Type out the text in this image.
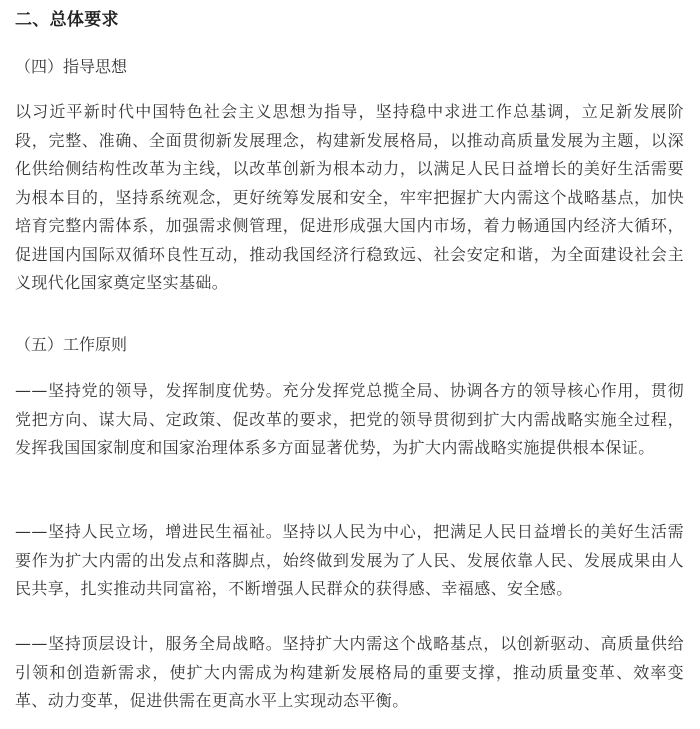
二、总体要求

（四）指导思想

以习近平新时代中国特色社会主义思想为指导，坚持稳中求进工作总基调，立足新发展阶段，完整、准确、全面贯彻新发展理念，构建新发展格局，以推动高质量发展为主题，以深化供给侧结构性改革为主线，以改革创新为根本动力，以满足人民日益增长的美好生活需要为根本目的，坚持系统观念，更好统筹发展和安全，牢牢把握扩大内需这个战略基点，加快培育完整内需体系，加强需求侧管理，促进形成强大国内市场，着力畅通国内经济大循环，促进国内国际双循环良性互动，推动我国经济行稳致远、社会安定和谐，为全面建设社会主义现代化国家奠定坚实基础。

（五）工作原则

——坚持党的领导，发挥制度优势。充分发挥党总揽全局、协调各方的领导核心作用，贯彻党把方向、谋大局、定政策、促改革的要求，把党的领导贯彻到扩大内需战略实施全过程，发挥我国国家制度和国家治理体系多方面显著优势，为扩大内需战略实施提供根本保证。

——坚持人民立场，增进民生福祉。坚持以人民为中心，把满足人民日益增长的美好生活需要作为扩大内需的出发点和落脚点，始终做到发展为了人民、发展依靠人民、发展成果由人民共享，扎实推动共同富裕，不断增强人民群众的获得感、幸福感、安全感。

——坚持顶层设计，服务全局战略。坚持扩大内需这个战略基点，以创新驱动、高质量供给引领和创造新需求，使扩大内需成为构建新发展格局的重要支撑，推动质量变革、效率变革、动力变革，促进供需在更高水平上实现动态平衡。
